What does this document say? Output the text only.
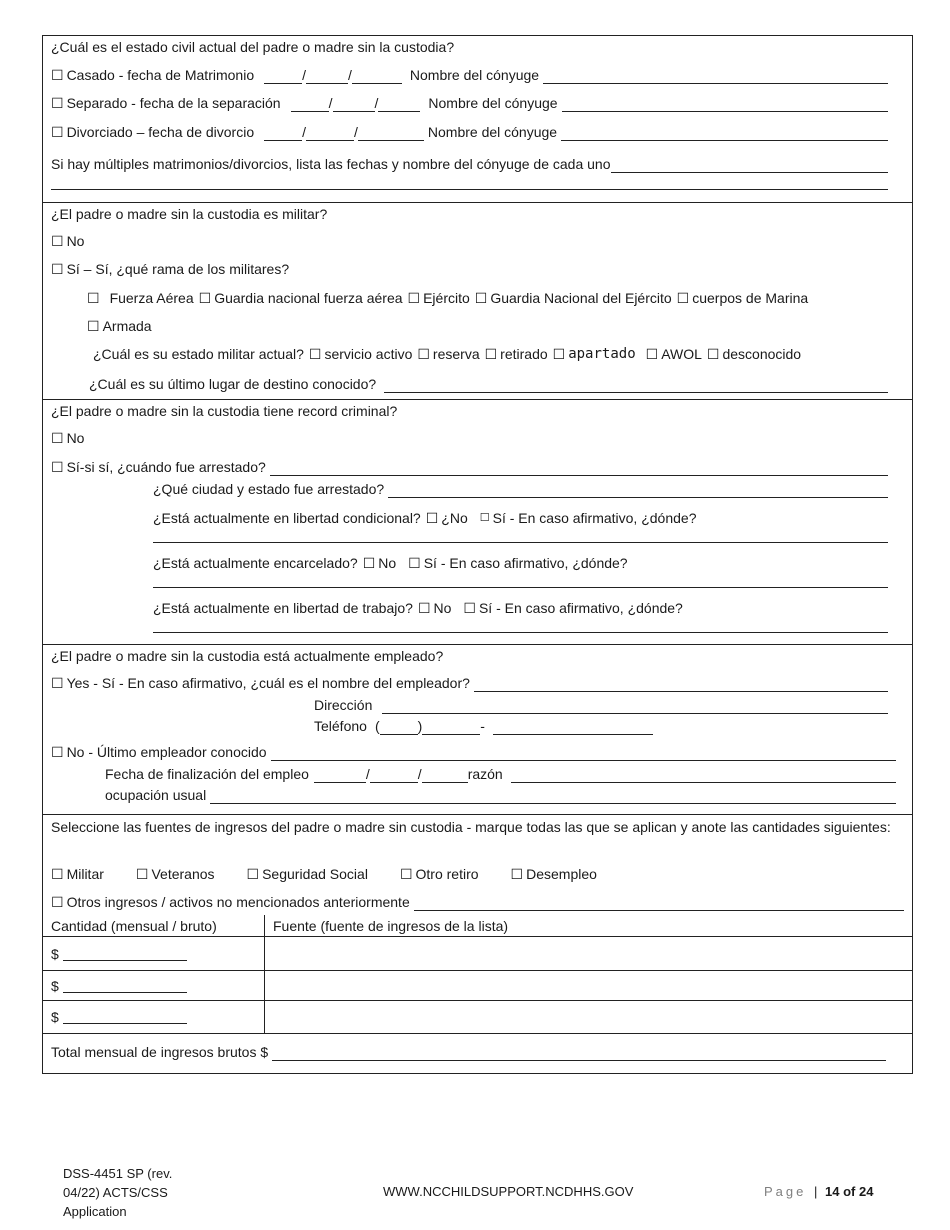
¿Cuál es el estado civil actual del padre o madre sin la custodia?
☐ Casado - fecha de Matrimonio	/	/	Nombre del cónyuge
☐ Separado - fecha de la separación	/	/	Nombre del cónyuge
☐ Divorciado – fecha de divorcio	/	/	Nombre del cónyuge
Si hay múltiples matrimonios/divorcios, lista las fechas y nombre del cónyuge de cada uno
¿El padre o madre sin la custodia es militar?
☐ No
☐ Sí – Sí, ¿qué rama de los militares?
☐ Fuerza Aérea ☐ Guardia nacional fuerza aérea ☐ Ejército ☐ Guardia Nacional del Ejército ☐ cuerpos de Marina
☐ Armada
¿Cuál es su estado militar actual? ☐ servicio activo ☐ reserva ☐ retirado ☐ apartado ☐ AWOL ☐ desconocido
¿Cuál es su último lugar de destino conocido?
¿El padre o madre sin la custodia tiene record criminal?
☐ No
☐ Sí-si sí, ¿cuándo fue arrestado?
¿Qué ciudad y estado fue arrestado?
¿Está actualmente en libertad condicional? ☐ ¿No ☐ Sí - En caso afirmativo, ¿dónde?
¿Está actualmente encarcelado? ☐ No ☐ Sí - En caso afirmativo, ¿dónde?
¿Está actualmente en libertad de trabajo? ☐ No ☐ Sí - En caso afirmativo, ¿dónde?
¿El padre o madre sin la custodia está actualmente empleado?
☐ Yes - Sí - En caso afirmativo, ¿cuál es el nombre del empleador?
Dirección
Teléfono (	)	-
☐ No - Último empleador conocido
Fecha de finalización del empleo	/	/	razón
ocupación usual
Seleccione las fuentes de ingresos del padre o madre sin custodia - marque todas las que se aplican y anote las cantidades siguientes:
☐ Militar ☐ Veteranos ☐ Seguridad Social ☐ Otro retiro ☐ Desempleo
☐ Otros ingresos / activos no mencionados anteriormente
Cantidad (mensual / bruto)	Fuente (fuente de ingresos de la lista)
$
$
$
Total mensual de ingresos brutos $
DSS-4451 SP (rev.
04/22) ACTS/CSS
Application
WWW.NCCHILDSUPPORT.NCDHHS.GOV	Page | 14 of 24
